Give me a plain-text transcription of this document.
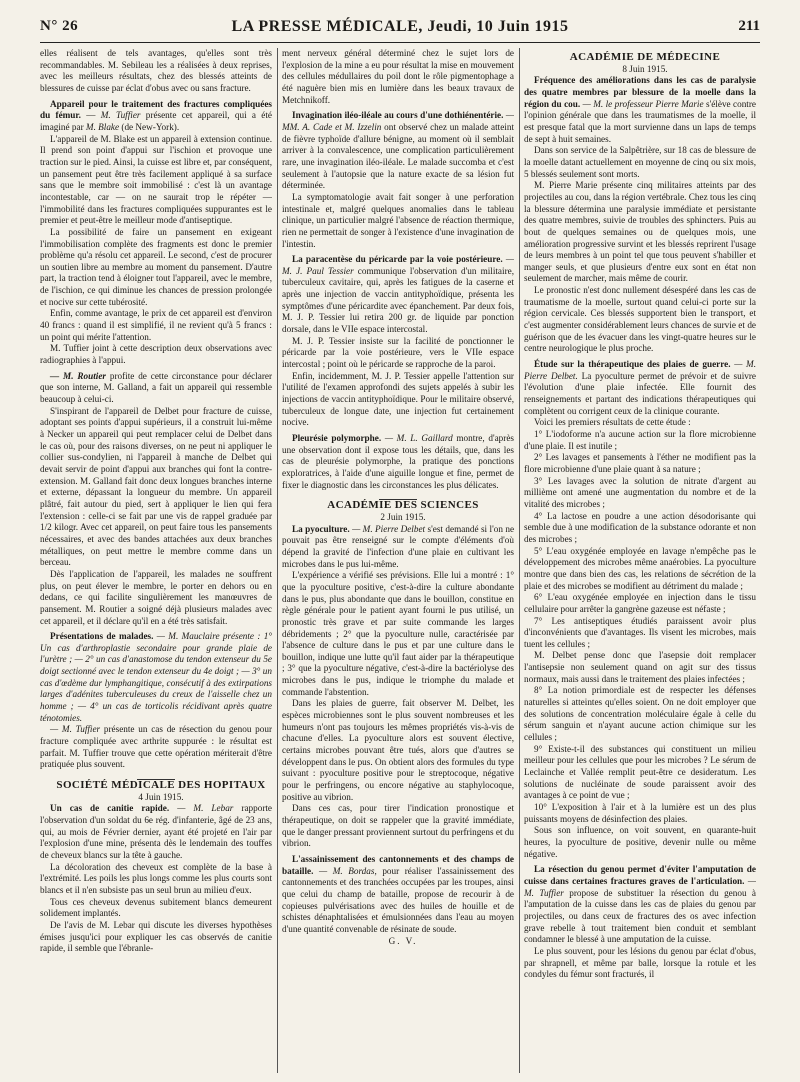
N° 26	LA PRESSE MÉDICALE, Jeudi, 10 Juin 1915	211

elles réalisent de tels avantages, qu'elles sont très recommandables. M. Sebileau les a réalisées à deux reprises, avec les meilleurs résultats, chez des blessés atteints de blessures de cuisse par éclat d'obus avec ou sans fracture.

Appareil pour le traitement des fractures compliquées du fémur. — M. Tuffier présente cet appareil, qui a été imaginé par M. Blake (de New-York).

L'appareil de M. Blake est un appareil à extension continue. Il prend son point d'appui sur l'ischion et provoque une traction sur le pied. Ainsi, la cuisse est libre et, par conséquent, un pansement peut être très facilement appliqué à sa surface sans que le membre soit immobilisé : c'est là un avantage incontestable, car — on ne saurait trop le répéter — l'immobilité dans les fractures compliquées suppurantes est le premier et peut-être le meilleur mode d'antiseptique.

La possibilité de faire un pansement en exigeant l'immobilisation complète des fragments est donc le premier problème qu'a résolu cet appareil. Le second, c'est de procurer un soutien libre au membre au moment du pansement. D'autre part, la traction tend à éloigner tout l'appareil, avec le membre, de l'ischion, ce qui diminue les chances de pression prolongée et nocive sur cette tubérosité.

Enfin, comme avantage, le prix de cet appareil est d'environ 40 francs : quand il est simplifié, il ne revient qu'à 5 francs : un point qui mérite l'attention.

M. Tuffier joint à cette description deux observations avec radiographies à l'appui.

— M. Routier profite de cette circonstance pour déclarer que son interne, M. Galland, a fait un appareil qui ressemble beaucoup à celui-ci.

S'inspirant de l'appareil de Delbet pour fracture de cuisse, adoptant ses points d'appui supérieurs, il a construit lui-même à Necker un appareil qui peut remplacer celui de Delbet dans le cas où, pour des raisons diverses, on ne peut ni appliquer le collier sus-condylien, ni l'appareil à manche de Delbet qui devait servir de point d'appui aux branches qui font la contre-extension. M. Galland fait donc deux longues branches interne et externe, dépassant la longueur du membre. Un appareil plâtré, fait autour du pied, sert à appliquer le lien qui fera l'extension : celle-ci se fait par une vis de rappel graduée par 1/2 kilogr. Avec cet appareil, on peut faire tous les pansements nécessaires, et avec des bandes attachées aux deux branches métalliques, on peut mettre le membre comme dans un berceau.

Dès l'application de l'appareil, les malades ne souffrent plus, on peut élever le membre, le porter en dehors ou en dedans, ce qui facilite singulièrement les manœuvres de pansement. M. Routier a soigné déjà plusieurs malades avec cet appareil, et il déclare qu'il en a été très satisfait.

Présentations de malades. — M. Mauclaire présente : 1° Un cas d'arthroplastie secondaire pour grande plaie de l'urètre ; — 2° un cas d'anastomose du tendon extenseur du 5e doigt sectionné avec le tendon extenseur du 4e doigt ; — 3° un cas d'œdème dur lymphangitique, consécutif à des extirpations larges d'adénites tuberculeuses du creux de l'aisselle chez un homme ; — 4° un cas de torticolis récidivant après quatre ténotomies.

— M. Tuffier présente un cas de résection du genou pour fracture compliquée avec arthrite suppurée : le résultat est parfait. M. Tuffier trouve que cette opération mériterait d'être pratiquée plus souvent.

SOCIÉTÉ MÉDICALE DES HOPITAUX

4 Juin 1915.

Un cas de canitie rapide. — M. Lebar rapporte l'observation d'un soldat du 6e rég. d'infanterie, âgé de 23 ans, qui, au mois de Février dernier, ayant été projeté en l'air par l'explosion d'une mine, présenta dès le lendemain des touffes de cheveux blancs sur la tête à gauche.

La décoloration des cheveux est complète de la base à l'extrémité. Les poils les plus longs comme les plus courts sont blancs et il n'en subsiste pas un seul brun au milieu d'eux.

Tous ces cheveux devenus subitement blancs demeurent solidement implantés.

De l'avis de M. Lebar qui discute les diverses hypothèses émises jusqu'ici pour expliquer les cas observés de canitie rapide, il semble que l'ébranle-

ment nerveux général déterminé chez le sujet lors de l'explosion de la mine a eu pour résultat la mise en mouvement des cellules médullaires du poil dont le rôle pigmentophage a été naguère bien mis en lumière dans les beaux travaux de Metchnikoff.

Invagination iléo-iléale au cours d'une dothiénentérie. — MM. A. Cade et M. Izzelin ont observé chez un malade atteint de fièvre typhoïde d'allure bénigne, au moment où il semblait arriver à la convalescence, une complication particulièrement rare, une invagination iléo-iléale. Le malade succomba et c'est seulement à l'autopsie que la nature exacte de sa lésion fut déterminée.

La symptomatologie avait fait songer à une perforation intestinale et, malgré quelques anomalies dans le tableau clinique, un particulier malgré l'absence de réaction thermique, rien ne permettait de songer à l'existence d'une invagination de l'intestin.

La paracentèse du péricarde par la voie postérieure. — M. J. Paul Tessier communique l'observation d'un militaire, tuberculeux cavitaire, qui, après les fatigues de la caserne et après une injection de vaccin antityphoïdique, présenta les symptômes d'une péricardite avec épanchement. Par deux fois, M. J. P. Tessier lui retira 200 gr. de liquide par ponction dorsale, dans le VIIe espace intercostal.

M. J. P. Tessier insiste sur la facilité de ponctionner le péricarde par la voie postérieure, vers le VIIe espace intercostal ; point où le péricarde se rapproche de la paroi.

Enfin, incidemment, M. J. P. Tessier appelle l'attention sur l'utilité de l'examen approfondi des sujets appelés à subir les injections de vaccin antityphoïdique. Pour le militaire observé, tuberculeux de longue date, une injection fut certainement nocive.

Pleurésie polymorphe. — M. L. Gaillard montre, d'après une observation dont il expose tous les détails, que, dans les cas de pleurésie polymorphe, la pratique des ponctions exploratrices, à l'aide d'une aiguille longue et fine, permet de fixer le diagnostic dans les circonstances les plus délicates.

ACADÉMIE DES SCIENCES

2 Juin 1915.

La pyoculture. — M. Pierre Delbet s'est demandé si l'on ne pouvait pas être renseigné sur le compte d'éléments d'où dépend la gravité de l'infection d'une plaie en cultivant les microbes dans le pus lui-même.

L'expérience a vérifié ses prévisions. Elle lui a montré : 1° que la pyoculture positive, c'est-à-dire la culture abondante dans le pus, plus abondante que dans le bouillon, constitue en règle générale pour le patient ayant fourni le pus utilisé, un pronostic très grave et par suite commande les larges débridements ; 2° que la pyoculture nulle, caractérisée par l'absence de culture dans le pus et par une culture dans le bouillon, indique une lutte qu'il faut aider par la thérapeutique ; 3° que la pyoculture négative, c'est-à-dire la bactériolyse des microbes dans le pus, indique le triomphe du malade et commande l'abstention.

Dans les plaies de guerre, fait observer M. Delbet, les espèces microbiennes sont le plus souvent nombreuses et les humeurs n'ont pas toujours les mêmes propriétés vis-à-vis de chacune d'elles. La pyoculture alors est souvent élective, certains microbes pouvant être tués, alors que d'autres se développent dans le pus. On obtient alors des formules du type suivant : pyoculture positive pour le streptocoque, négative pour le perfringens, ou encore négative au staphylocoque, positive au vibrion.

Dans ces cas, pour tirer l'indication pronostique et thérapeutique, on doit se rappeler que la gravité immédiate, que le danger pressant proviennent surtout du perfringens et du vibrion.

L'assainissement des cantonnements et des champs de bataille. — M. Bordas, pour réaliser l'assainissement des cantonnements et des tranchées occupées par les troupes, ainsi que celui du champ de bataille, propose de recourir à de copieuses pulvérisations avec des huiles de houille et de schistes dénaphtalisées et émulsionnées dans l'eau au moyen d'une quantité convenable de résinate de soude.

G. V.

ACADÉMIE DE MÉDECINE

8 Juin 1915.

Fréquence des améliorations dans les cas de paralysie des quatre membres par blessure de la moelle dans la région du cou. — M. le professeur Pierre Marie s'élève contre l'opinion générale que dans les traumatismes de la moelle, il est presque fatal que la mort survienne dans un laps de temps de sept à huit semaines.

Dans son service de la Salpêtrière, sur 18 cas de blessure de la moelle datant actuellement en moyenne de cinq ou six mois, 5 blessés seulement sont morts.

M. Pierre Marie présente cinq militaires atteints par des projectiles au cou, dans la région vertébrale. Chez tous les cinq la blessure détermina une paralysie immédiate et persistante des quatre membres, suivie de troubles des sphincters. Puis au bout de quelques semaines ou de quelques mois, une amélioration progressive survint et les blessés reprirent l'usage de leurs membres à un point tel que tous peuvent s'habiller et manger seuls, et que plusieurs d'entre eux sont en état non seulement de marcher, mais même de courir.

Le pronostic n'est donc nullement désespéré dans les cas de traumatisme de la moelle, surtout quand celui-ci porte sur la région cervicale. Ces blessés supportent bien le transport, et c'est augmenter considérablement leurs chances de survie et de guérison que de les évacuer dans les vingt-quatre heures sur le centre neurologique le plus proche.

Étude sur la thérapeutique des plaies de guerre. — M. Pierre Delbet. La pyoculture permet de prévoir et de suivre l'évolution d'une plaie infectée. Elle fournit des renseignements et partant des indications thérapeutiques qui complètent ou corrigent ceux de la clinique courante.

Voici les premiers résultats de cette étude :

1° L'iodoforme n'a aucune action sur la flore microbienne d'une plaie. Il est inutile ;

2° Les lavages et pansements à l'éther ne modifient pas la flore microbienne d'une plaie quant à sa nature ;

3° Les lavages avec la solution de nitrate d'argent au millième ont amené une augmentation du nombre et de la vitalité des microbes ;

4° La lactose en poudre a une action désodorisante qui semble due à une modification de la substance odorante et non des microbes ;

5° L'eau oxygénée employée en lavage n'empêche pas le développement des microbes même anaérobies. La pyoculture montre que dans bien des cas, les relations de sécrétion de la plaie et des microbes se modifient au détriment du malade ;

6° L'eau oxygénée employée en injection dans le tissu cellulaire pour arrêter la gangrène gazeuse est néfaste ;

7° Les antiseptiques étudiés paraissent avoir plus d'inconvénients que d'avantages. Ils visent les microbes, mais tuent les cellules ;

M. Delbet pense donc que l'asepsie doit remplacer l'antisepsie non seulement quand on agit sur des tissus normaux, mais aussi dans le traitement des plaies infectées ;

8° La notion primordiale est de respecter les défenses naturelles si atteintes qu'elles soient. On ne doit employer que des solutions de concentration moléculaire égale à celle du sérum sanguin et n'ayant aucune action chimique sur les cellules ;

9° Existe-t-il des substances qui constituent un milieu meilleur pour les cellules que pour les microbes ? Le sérum de Leclainche et Vallée remplit peut-être ce desideratum. Les solutions de nucléinate de soude paraissent avoir des avantages à ce point de vue ;

10° L'exposition à l'air et à la lumière est un des plus puissants moyens de désinfection des plaies.

Sous son influence, on voit souvent, en quarante-huit heures, la pyoculture de positive, devenir nulle ou même négative.

La résection du genou permet d'éviter l'amputation de cuisse dans certaines fractures graves de l'articulation. — M. Tuffier propose de substituer la résection du genou à l'amputation de la cuisse dans les cas de plaies du genou par projectiles, ou dans ceux de fractures des os avec infection grave rebelle à tout traitement bien conduit et semblant condamner le blessé à une amputation de la cuisse.

Le plus souvent, pour les lésions du genou par éclat d'obus, par shrapnell, et même par balle, lorsque la rotule et les condyles du fémur sont fracturés, il
